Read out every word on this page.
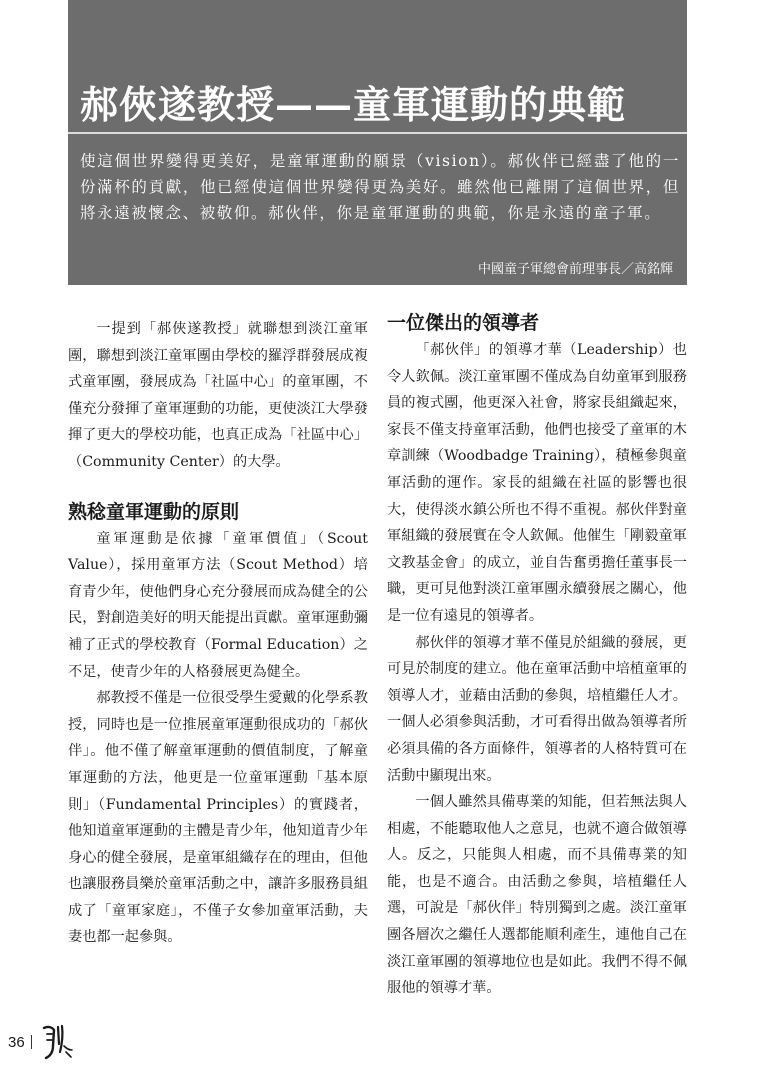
郝俠遂教授——童軍運動的典範

使這個世界變得更美好，是童軍運動的願景（vision）。郝伙伴已經盡了他的一份滿杯的貢獻，他已經使這個世界變得更為美好。雖然他已離開了這個世界，但將永遠被懷念、被敬仰。郝伙伴，你是童軍運動的典範，你是永遠的童子軍。

中國童子軍總會前理事長／高銘輝

一提到「郝俠遂教授」就聯想到淡江童軍團，聯想到淡江童軍團由學校的羅浮群發展成複式童軍團，發展成為「社區中心」的童軍團，不僅充分發揮了童軍運動的功能，更使淡江大學發揮了更大的學校功能，也真正成為「社區中心」（Community Center）的大學。

熟稔童軍運動的原則

童軍運動是依據「童軍價值」（Scout Value），採用童軍方法（Scout Method）培育青少年，使他們身心充分發展而成為健全的公民，對創造美好的明天能提出貢獻。童軍運動彌補了正式的學校教育（Formal Education）之不足，使青少年的人格發展更為健全。

郝教授不僅是一位很受學生愛戴的化學系教授，同時也是一位推展童軍運動很成功的「郝伙伴」。他不僅了解童軍運動的價值制度，了解童軍運動的方法，他更是一位童軍運動「基本原則」（Fundamental Principles）的實踐者，他知道童軍運動的主體是青少年，他知道青少年身心的健全發展，是童軍組織存在的理由，但他也讓服務員樂於童軍活動之中，讓許多服務員組成了「童軍家庭」，不僅子女參加童軍活動，夫妻也都一起參與。

一位傑出的領導者

「郝伙伴」的領導才華（Leadership）也令人欽佩。淡江童軍團不僅成為自幼童軍到服務員的複式團，他更深入社會，將家長組織起來，家長不僅支持童軍活動，他們也接受了童軍的木章訓練（Woodbadge Training），積極參與童軍活動的運作。家長的組織在社區的影響也很大，使得淡水鎮公所也不得不重視。郝伙伴對童軍組織的發展實在令人欽佩。他催生「剛毅童軍文教基金會」的成立，並自告奮勇擔任董事長一職，更可見他對淡江童軍團永續發展之關心，他是一位有遠見的領導者。

郝伙伴的領導才華不僅見於組織的發展，更可見於制度的建立。他在童軍活動中培植童軍的領導人才，並藉由活動的參與，培植繼任人才。一個人必須參與活動，才可看得出做為領導者所必須具備的各方面條件，領導者的人格特質可在活動中顯現出來。

一個人雖然具備專業的知能，但若無法與人相處，不能聽取他人之意見，也就不適合做領導人。反之，只能與人相處，而不具備專業的知能，也是不適合。由活動之參與，培植繼任人選，可說是「郝伙伴」特別獨到之處。淡江童軍團各層次之繼任人選都能順利產生，連他自己在淡江童軍團的領導地位也是如此。我們不得不佩服他的領導才華。

36
